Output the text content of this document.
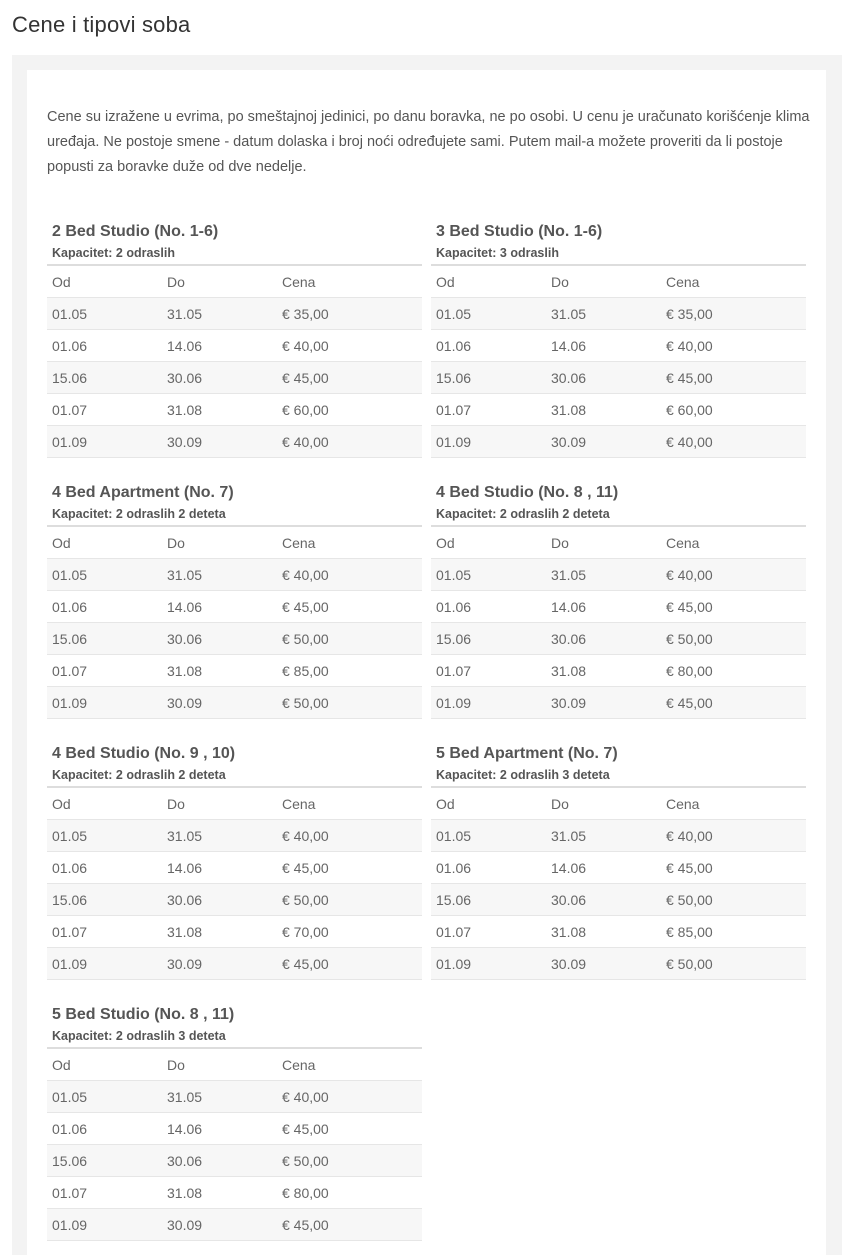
Cene i tipovi soba

Cene su izražene u evrima, po smeštajnoj jedinici, po danu boravka, ne po osobi. U cenu je uračunato korišćenje klima uređaja. Ne postoje smene - datum dolaska i broj noći određujete sami. Putem mail-a možete proveriti da li postoje popusti za boravke duže od dve nedelje.

2 Bed Studio (No. 1-6)
Kapacitet: 2 odraslih
Od	Do	Cena
01.05	31.05	€ 35,00
01.06	14.06	€ 40,00
15.06	30.06	€ 45,00
01.07	31.08	€ 60,00
01.09	30.09	€ 40,00
3 Bed Studio (No. 1-6)
Kapacitet: 3 odraslih
Od	Do	Cena
01.05	31.05	€ 35,00
01.06	14.06	€ 40,00
15.06	30.06	€ 45,00
01.07	31.08	€ 60,00
01.09	30.09	€ 40,00
4 Bed Apartment (No. 7)
Kapacitet: 2 odraslih 2 deteta
Od	Do	Cena
01.05	31.05	€ 40,00
01.06	14.06	€ 45,00
15.06	30.06	€ 50,00
01.07	31.08	€ 85,00
01.09	30.09	€ 50,00
4 Bed Studio (No. 8 , 11)
Kapacitet: 2 odraslih 2 deteta
Od	Do	Cena
01.05	31.05	€ 40,00
01.06	14.06	€ 45,00
15.06	30.06	€ 50,00
01.07	31.08	€ 80,00
01.09	30.09	€ 45,00
4 Bed Studio (No. 9 , 10)
Kapacitet: 2 odraslih 2 deteta
Od	Do	Cena
01.05	31.05	€ 40,00
01.06	14.06	€ 45,00
15.06	30.06	€ 50,00
01.07	31.08	€ 70,00
01.09	30.09	€ 45,00
5 Bed Apartment (No. 7)
Kapacitet: 2 odraslih 3 deteta
Od	Do	Cena
01.05	31.05	€ 40,00
01.06	14.06	€ 45,00
15.06	30.06	€ 50,00
01.07	31.08	€ 85,00
01.09	30.09	€ 50,00
5 Bed Studio (No. 8 , 11)
Kapacitet: 2 odraslih 3 deteta
Od	Do	Cena
01.05	31.05	€ 40,00
01.06	14.06	€ 45,00
15.06	30.06	€ 50,00
01.07	31.08	€ 80,00
01.09	30.09	€ 45,00
